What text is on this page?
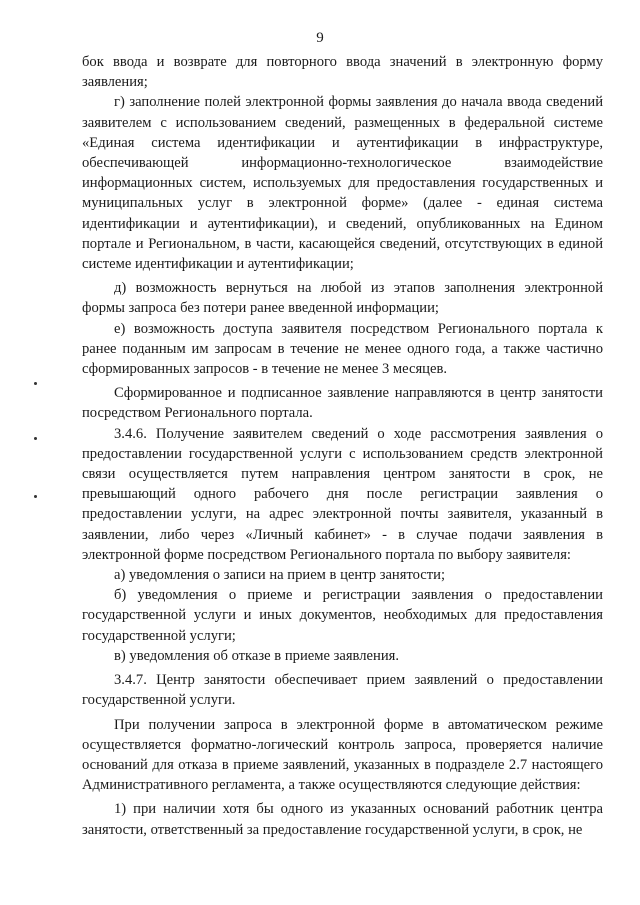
9

бок ввода и возврате для повторного ввода значений в электронную форму заявления;

г) заполнение полей электронной формы заявления до начала ввода сведений заявителем с использованием сведений, размещенных в федеральной системе «Единая система идентификации и аутентификации в инфраструктуре, обеспечивающей информационно-технологическое взаимодействие информационных систем, используемых для предоставления государственных и муниципальных услуг в электронной форме» (далее - единая система идентификации и аутентификации), и сведений, опубликованных на Едином портале и Региональном, в части, касающейся сведений, отсутствующих в единой системе идентификации и аутентификации;

д) возможность вернуться на любой из этапов заполнения электронной формы запроса без потери ранее введенной информации;

е) возможность доступа заявителя посредством Регионального портала к ранее поданным им запросам в течение не менее одного года, а также частично сформированных запросов - в течение не менее 3 месяцев.

Сформированное и подписанное заявление направляются в центр занятости посредством Регионального портала.

3.4.6. Получение заявителем сведений о ходе рассмотрения заявления о предоставлении государственной услуги с использованием средств электронной связи осуществляется путем направления центром занятости в срок, не превышающий одного рабочего дня после регистрации заявления о предоставлении услуги, на адрес электронной почты заявителя, указанный в заявлении, либо через «Личный кабинет» - в случае подачи заявления в электронной форме посредством Регионального портала по выбору заявителя:

а) уведомления о записи на прием в центр занятости;

б) уведомления о приеме и регистрации заявления о предоставлении государственной услуги и иных документов, необходимых для предоставления государственной услуги;

в) уведомления об отказе в приеме заявления.

3.4.7. Центр занятости обеспечивает прием заявлений о предоставлении государственной услуги.

При получении запроса в электронной форме в автоматическом режиме осуществляется форматно-логический контроль запроса, проверяется наличие оснований для отказа в приеме заявлений, указанных в подразделе 2.7 настоящего Административного регламента, а также осуществляются следующие действия:

1) при наличии хотя бы одного из указанных оснований работник центра занятости, ответственный за предоставление государственной услуги, в срок, не
